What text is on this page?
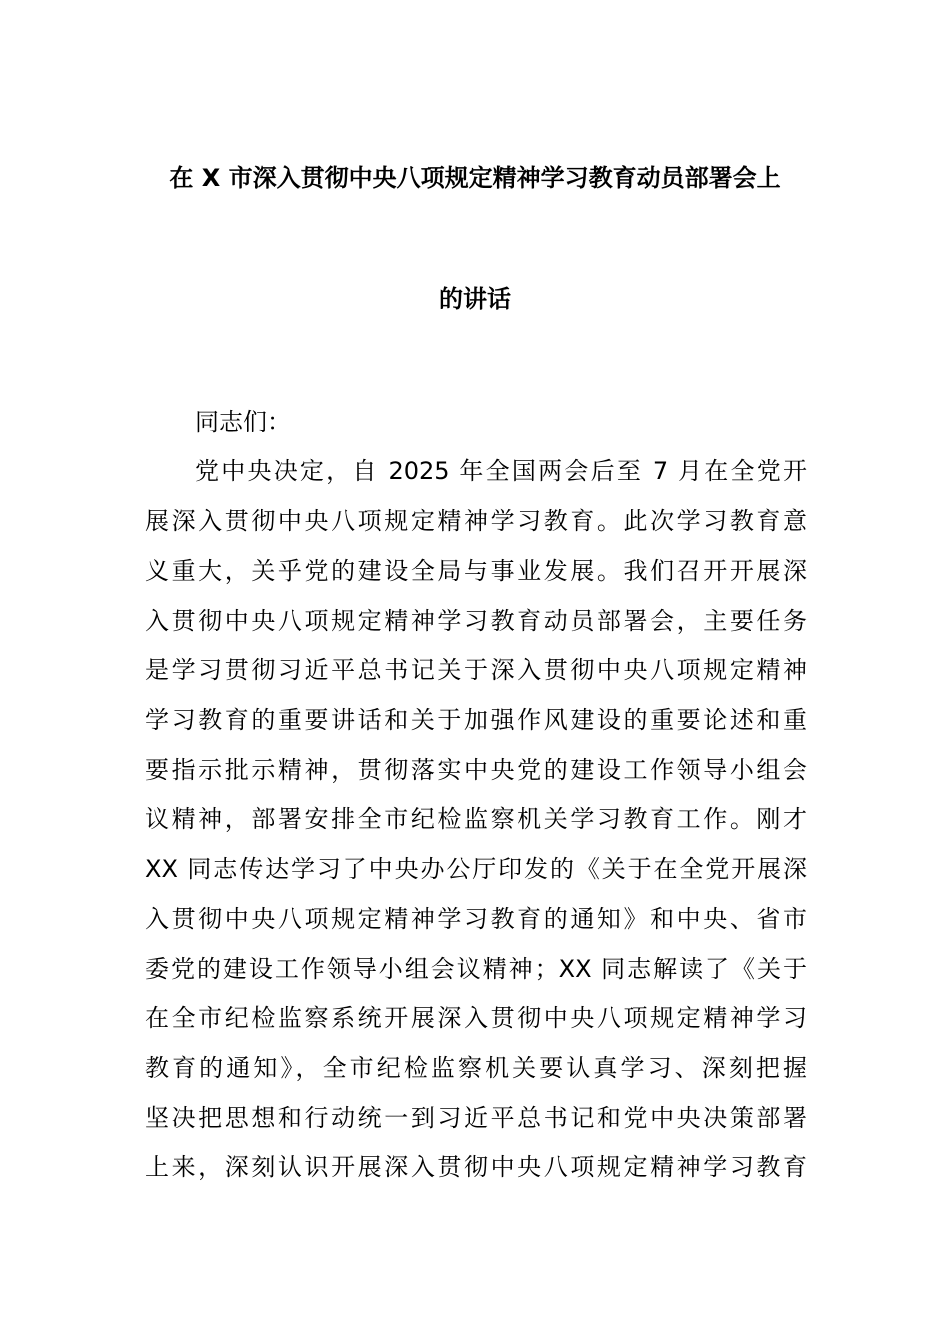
在 X 市深入贯彻中央八项规定精神学习教育动员部署会上
的讲话
同志们：
党中央决定，自 2025 年全国两会后至 7 月在全党开
展深入贯彻中央八项规定精神学习教育。此次学习教育意
义重大，关乎党的建设全局与事业发展。我们召开开展深
入贯彻中央八项规定精神学习教育动员部署会，主要任务
是学习贯彻习近平总书记关于深入贯彻中央八项规定精神
学习教育的重要讲话和关于加强作风建设的重要论述和重
要指示批示精神，贯彻落实中央党的建设工作领导小组会
议精神，部署安排全市纪检监察机关学习教育工作。刚才
XX 同志传达学习了中央办公厅印发的《关于在全党开展深
入贯彻中央八项规定精神学习教育的通知》和中央、省市
委党的建设工作领导小组会议精神；XX 同志解读了《关于
在全市纪检监察系统开展深入贯彻中央八项规定精神学习
教育的通知》，全市纪检监察机关要认真学习、深刻把握
坚决把思想和行动统一到习近平总书记和党中央决策部署
上来，深刻认识开展深入贯彻中央八项规定精神学习教育
